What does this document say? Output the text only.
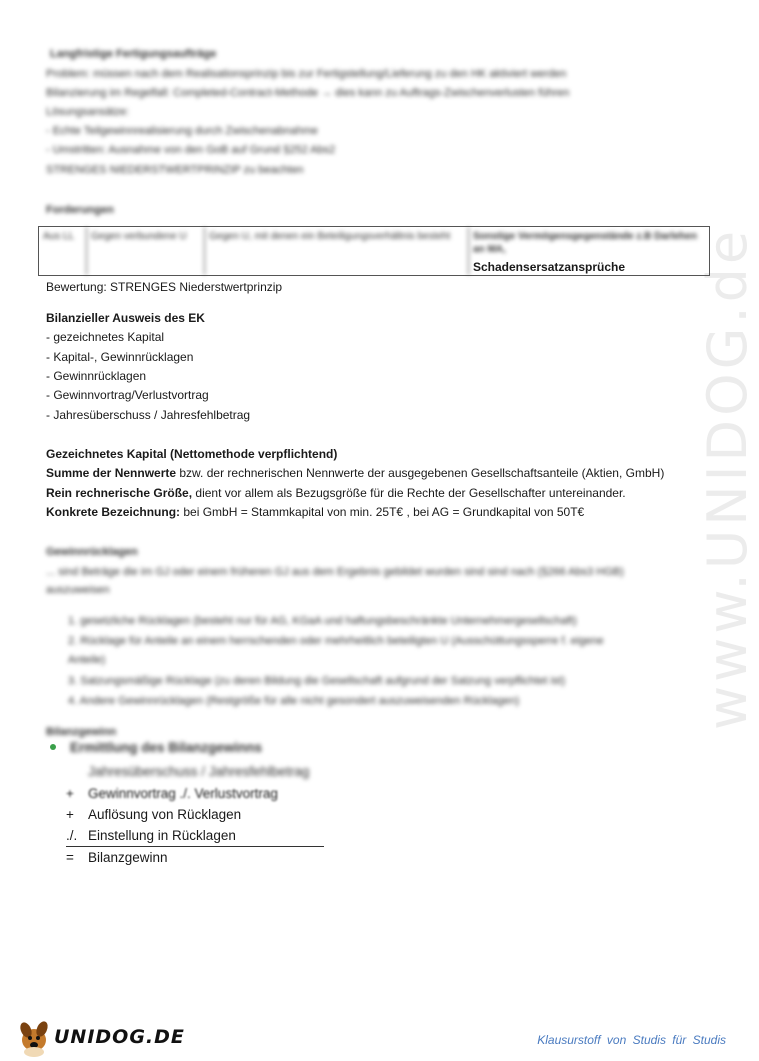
www.UNIDOG.de
Langfristige Fertigungsaufträge
Problem: müssen nach dem Realisationsprinzip bis zur Fertigstellung/Lieferung zu den HK aktiviert werden
Bilanzierung im Regelfall: Completed-Contract-Methode → dies kann zu Auftrags-Zwischenverlusten führen
Lösungsansätze:
- Echte Teilgewinnrealisierung durch Zwischenabnahme
- Umstritten: Ausnahme von den GoB auf Grund §252 Abs2
STRENGES NIEDERSTWERTPRINZIP zu beachten
Forderungen
Aus LL	Gegen verbundene U	Gegen U, mit denen ein Beteiligungsverhältnis besteht	Sonstige Vermögensgegenstände z.B Darlehen an MA,
Schadensersatzansprüche
Bewertung: STRENGES Niederstwertprinzip
Bilanzieller Ausweis des EK
- gezeichnetes Kapital
- Kapital-, Gewinnrücklagen
- Gewinnrücklagen
- Gewinnvortrag/Verlustvortrag
- Jahresüberschuss / Jahresfehlbetrag
Gezeichnetes Kapital (Nettomethode verpflichtend)
Summe der Nennwerte bzw. der rechnerischen Nennwerte der ausgegebenen Gesellschaftsanteile (Aktien, GmbH)
Rein rechnerische Größe, dient vor allem als Bezugsgröße für die Rechte der Gesellschafter untereinander.
Konkrete Bezeichnung: bei GmbH = Stammkapital von min. 25T€ , bei AG = Grundkapital von 50T€
Gewinnrücklagen
... sind Beträge die im GJ oder einem früheren GJ aus dem Ergebnis gebildet wurden sind sind nach (§266 Abs3 HGB)
auszuweisen
1. gesetzliche Rücklagen (besteht nur für AG, KGaA und haftungsbeschränkte Unternehmergesellschaft)
2. Rücklage für Anteile an einem herrschenden oder mehrheitlich beteiligten U (Ausschüttungssperre f. eigene
Anteile)
3. Satzungsmäßige Rücklage (zu deren Bildung die Gesellschaft aufgrund der Satzung verpflichtet ist)
4. Andere Gewinnrücklagen (Restgröße für alle nicht gesondert auszuweisenden Rücklagen)
Bilanzgewinn
Ermittlung des Bilanzgewinns
Jahresüberschuss / Jahresfehlbetrag
+	Gewinnvortrag ./. Verlustvortrag
+	Auflösung von Rücklagen
./. Einstellung in Rücklagen
=	Bilanzgewinn
UNIDOG.DE	Klausurstoff von Studis für Studis
